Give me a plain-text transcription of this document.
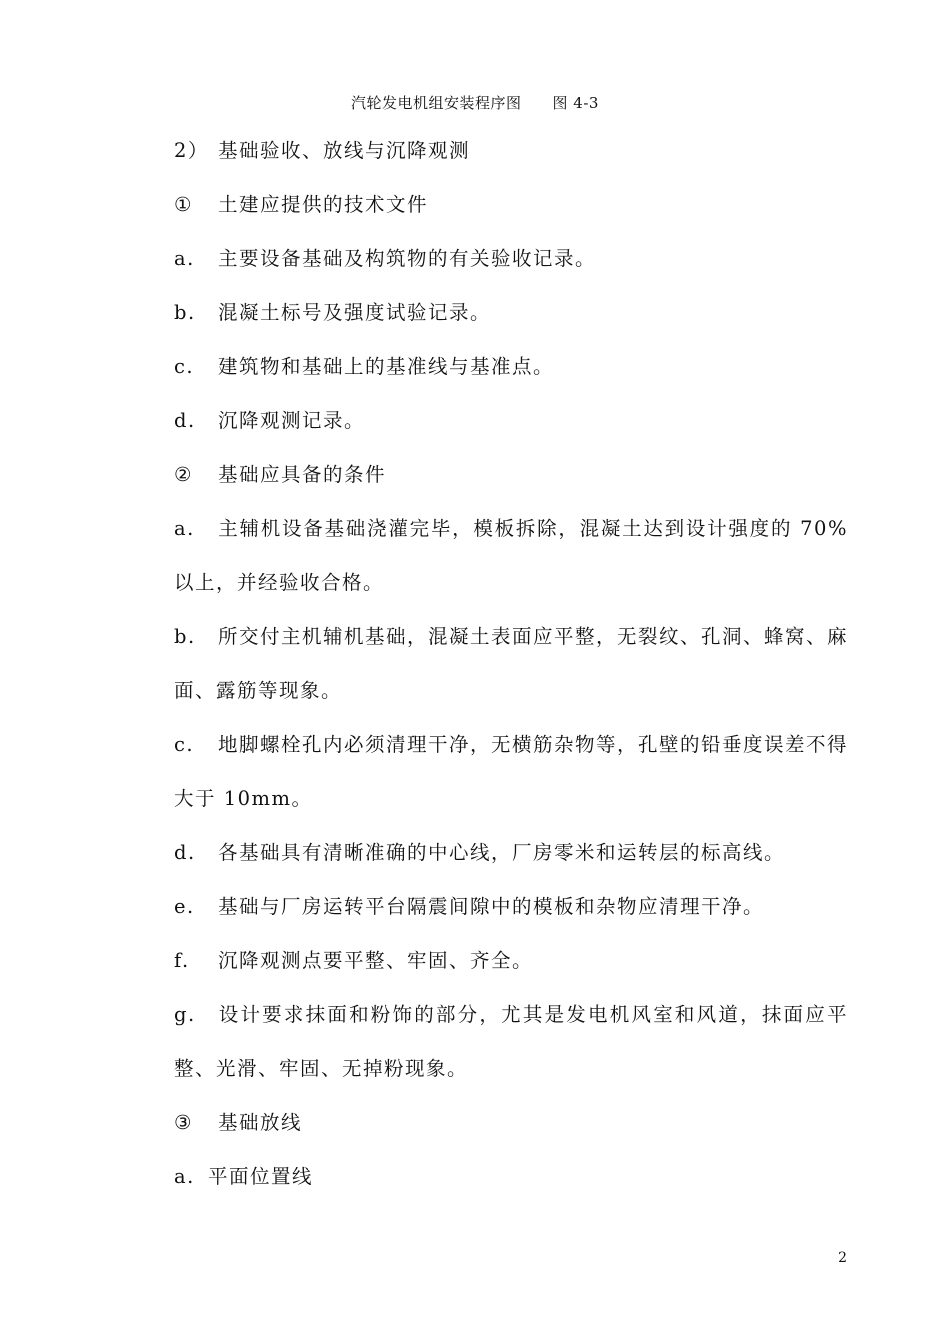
汽轮发电机组安装程序图　　图 4-3

2） 基础验收、放线与沉降观测

① 土建应提供的技术文件

a. 主要设备基础及构筑物的有关验收记录。

b. 混凝土标号及强度试验记录。

c. 建筑物和基础上的基准线与基准点。

d. 沉降观测记录。

② 基础应具备的条件

a. 主辅机设备基础浇灌完毕，模板拆除，混凝土达到设计强度的 70%以上，并经验收合格。

b. 所交付主机辅机基础，混凝土表面应平整，无裂纹、孔洞、蜂窝、麻面、露筋等现象。

c. 地脚螺栓孔内必须清理干净，无横筋杂物等，孔壁的铅垂度误差不得大于 10mm。

d. 各基础具有清晰准确的中心线，厂房零米和运转层的标高线。

e. 基础与厂房运转平台隔震间隙中的模板和杂物应清理干净。

f. 沉降观测点要平整、牢固、齐全。

g. 设计要求抹面和粉饰的部分，尤其是发电机风室和风道，抹面应平整、光滑、牢固、无掉粉现象。

③ 基础放线

a. 平面位置线

2
